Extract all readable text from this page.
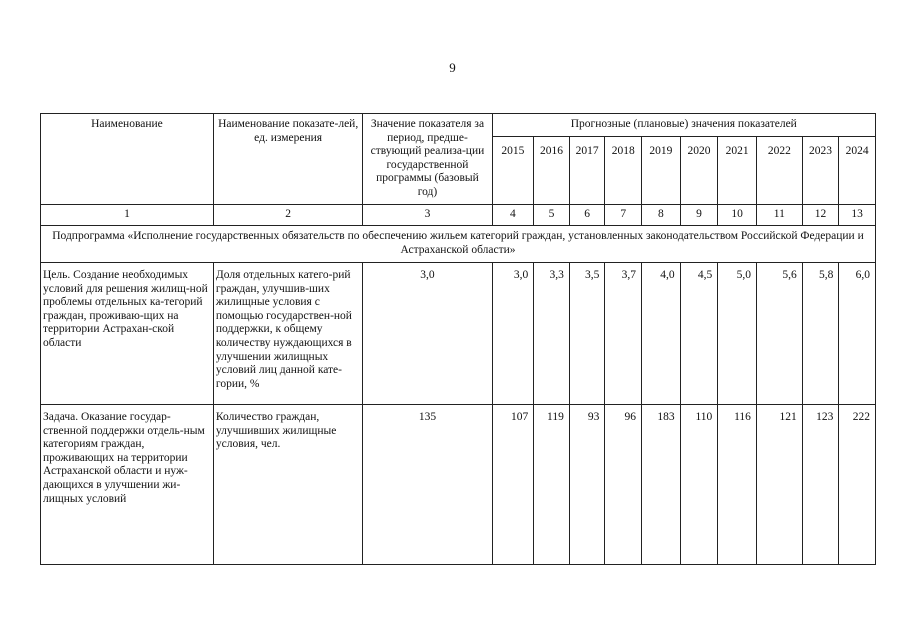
9
Наименование	Наименование показате-лей, ед. измерения	Значение показателя за период, предше-ствующий реализа-ции государственной программы (базовый год)	Прогнозные (плановые) значения показателей									
			2015	2016	2017	2018	2019	2020	2021	2022	2023	2024
1	2	3	4	5	6	7	8	9	10	11	12	13
Подпрограмма «Исполнение государственных обязательств по обеспечению жильем категорий граждан, установленных законодательством Российской Федерации и Астраханской области»												
Цель. Создание необходимых условий для решения жилищ-ной проблемы отдельных ка-тегорий граждан, проживаю-щих на территории Астрахан-ской области	Доля отдельных катего-рий граждан, улучшив-ших жилищные условия с помощью государствен-ной поддержки, к общему количеству нуждающихся в улучшении жилищных условий лиц данной кате-гории, %	3,0	3,0	3,3	3,5	3,7	4,0	4,5	5,0	5,6	5,8	6,0
Задача. Оказание государ-ственной поддержки отдель-ным категориям граждан, проживающих на территории Астраханской области и нуж-дающихся в улучшении жи-лищных условий	Количество граждан, улучшивших жилищные условия, чел.	135	107	119	93	96	183	110	116	121	123	222
